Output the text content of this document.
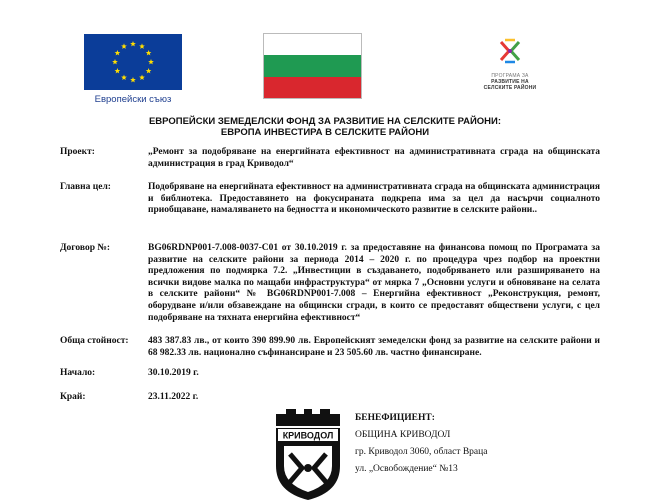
Европейски съюз
ПРОГРАМА ЗА
РАЗВИТИЕ НА
СЕЛСКИТЕ РАЙОНИ
ЕВРОПЕЙСКИ ЗЕМЕДЕЛСКИ ФОНД ЗА РАЗВИТИЕ НА СЕЛСКИТЕ РАЙОНИ:
ЕВРОПА ИНВЕСТИРА В СЕЛСКИТЕ РАЙОНИ
Проект:	„Ремонт за подобряване на енергийната ефективност на административната сграда на общинската администрация в град Криводол“
Главна цел:	Подобряване на енергийната ефективност на административната сграда на общинската администрация и библиотека. Предоставянето на фокусираната подкрепа има за цел да насърчи социалното приобщаване, намаляването на бедността и икономическото развитие в селските райони..
Договор №:	BG06RDNP001-7.008-0037-C01 от 30.10.2019 г. за предоставяне на финансова помощ по Програмата за развитие на селските райони за периода 2014 – 2020 г. по процедура чрез подбор на проектни предложения по подмярка 7.2. „Инвестиции в създаването, подобряването или разширяването на всички видове малка по мащаби инфраструктура“ от мярка 7 „Основни услуги и обновяване на селата в селските райони“ № BG06RDNP001-7.008 – Енергийна ефективност „Реконструкция, ремонт, оборудване и/или обзавеждане на общински сгради, в които се предоставят обществени услуги, с цел подобряване на тяхната енергийна ефективност“
Обща стойност:	483 387.83 лв., от които 390 899.90 лв. Европейският земеделски фонд за развитие на селските райони и 68 982.33 лв. национално съфинансиране и 23 505.60 лв. частно финансиране.
Начало:	30.10.2019 г.
Край:	23.11.2022 г.
КРИВОДОЛ
БЕНЕФИЦИЕНТ:
ОБЩИНА КРИВОДОЛ
гр. Криводол 3060, област Враца
ул. „Освобождение“ №13
